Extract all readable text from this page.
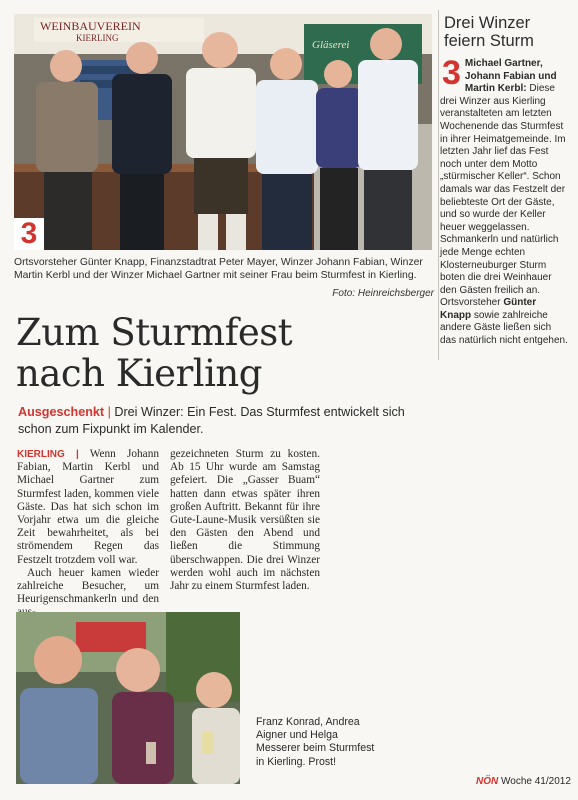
WEINBAUVEREIN
KIERLING
Gläserei
3
Ortsvorsteher Günter Knapp, Finanzstadtrat Peter Mayer, Winzer Johann Fabian, Winzer Martin Kerbl und der Winzer Michael Gartner mit seiner Frau beim Sturmfest in Kierling.
Foto: Heinreichsberger
Drei Winzer
feiern Sturm
3 Michael Gartner, Johann Fabian und Martin Kerbl: Diese drei Winzer aus Kierling veranstalteten am letzten Wochenende das Sturmfest in ihrer Heimatgemeinde. Im letzten Jahr lief das Fest noch unter dem Motto „stürmischer Keller“. Schon damals war das Festzelt der beliebteste Ort der Gäste, und so wurde der Keller heuer weggelassen. Schmankerln und natürlich jede Menge echten Klosterneuburger Sturm boten die drei Weinhauer den Gästen freilich an. Ortsvorsteher Günter Knapp sowie zahlreiche andere Gäste ließen sich das natürlich nicht entgehen.
Zum Sturmfest
nach Kierling
Ausgeschenkt | Drei Winzer: Ein Fest. Das Sturmfest entwickelt sich schon zum Fixpunkt im Kalender.

KIERLING | Wenn Johann Fabian, Martin Kerbl und Michael Gartner zum Sturmfest laden, kommen viele Gäste. Das hat sich schon im Vorjahr etwa um die gleiche Zeit bewahrheitet, als bei strömendem Regen das Festzelt trotzdem voll war.

Auch heuer kamen wieder zahlreiche Besucher, um Heurigenschmankerln und den

gezeichneten Sturm zu kosten. Ab 15 Uhr wurde am Samstag gefeiert. Die „Gasser Buam“ hatten dann etwas später ihren großen Auftritt. Bekannt für ihre Gute-Laune-Musik versüßten sie den Gästen den Abend und ließen die Stimmung überschwappen. Die drei Winzer werden wohl auch im nächsten Jahr zu einem Sturmfest laden.

Franz Konrad, Andrea Aigner und Helga Messerer beim Sturmfest in Kierling. Prost!
NÖN Woche 41/2012
